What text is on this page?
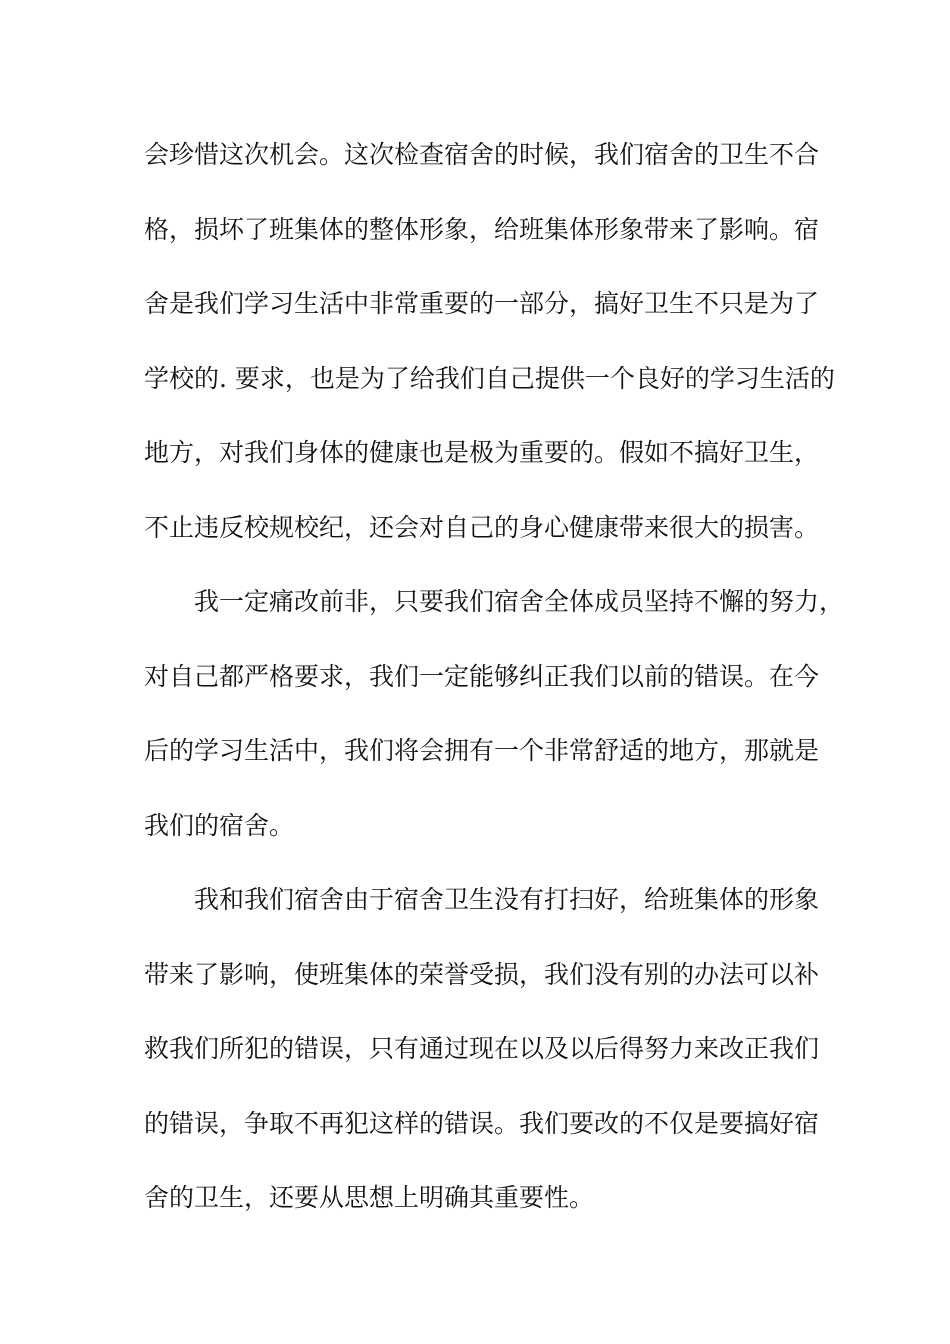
会珍惜这次机会。这次检查宿舍的时候，我们宿舍的卫生不合
格，损坏了班集体的整体形象，给班集体形象带来了影响。宿
舍是我们学习生活中非常重要的一部分，搞好卫生不只是为了
学校的. 要求，也是为了给我们自己提供一个良好的学习生活的
地方，对我们身体的健康也是极为重要的。假如不搞好卫生，
不止违反校规校纪，还会对自己的身心健康带来很大的损害。
我一定痛改前非，只要我们宿舍全体成员坚持不懈的努力，
对自己都严格要求，我们一定能够纠正我们以前的错误。在今
后的学习生活中，我们将会拥有一个非常舒适的地方，那就是
我们的宿舍。
我和我们宿舍由于宿舍卫生没有打扫好，给班集体的形象
带来了影响，使班集体的荣誉受损，我们没有别的办法可以补
救我们所犯的错误，只有通过现在以及以后得努力来改正我们
的错误，争取不再犯这样的错误。我们要改的不仅是要搞好宿
舍的卫生，还要从思想上明确其重要性。
